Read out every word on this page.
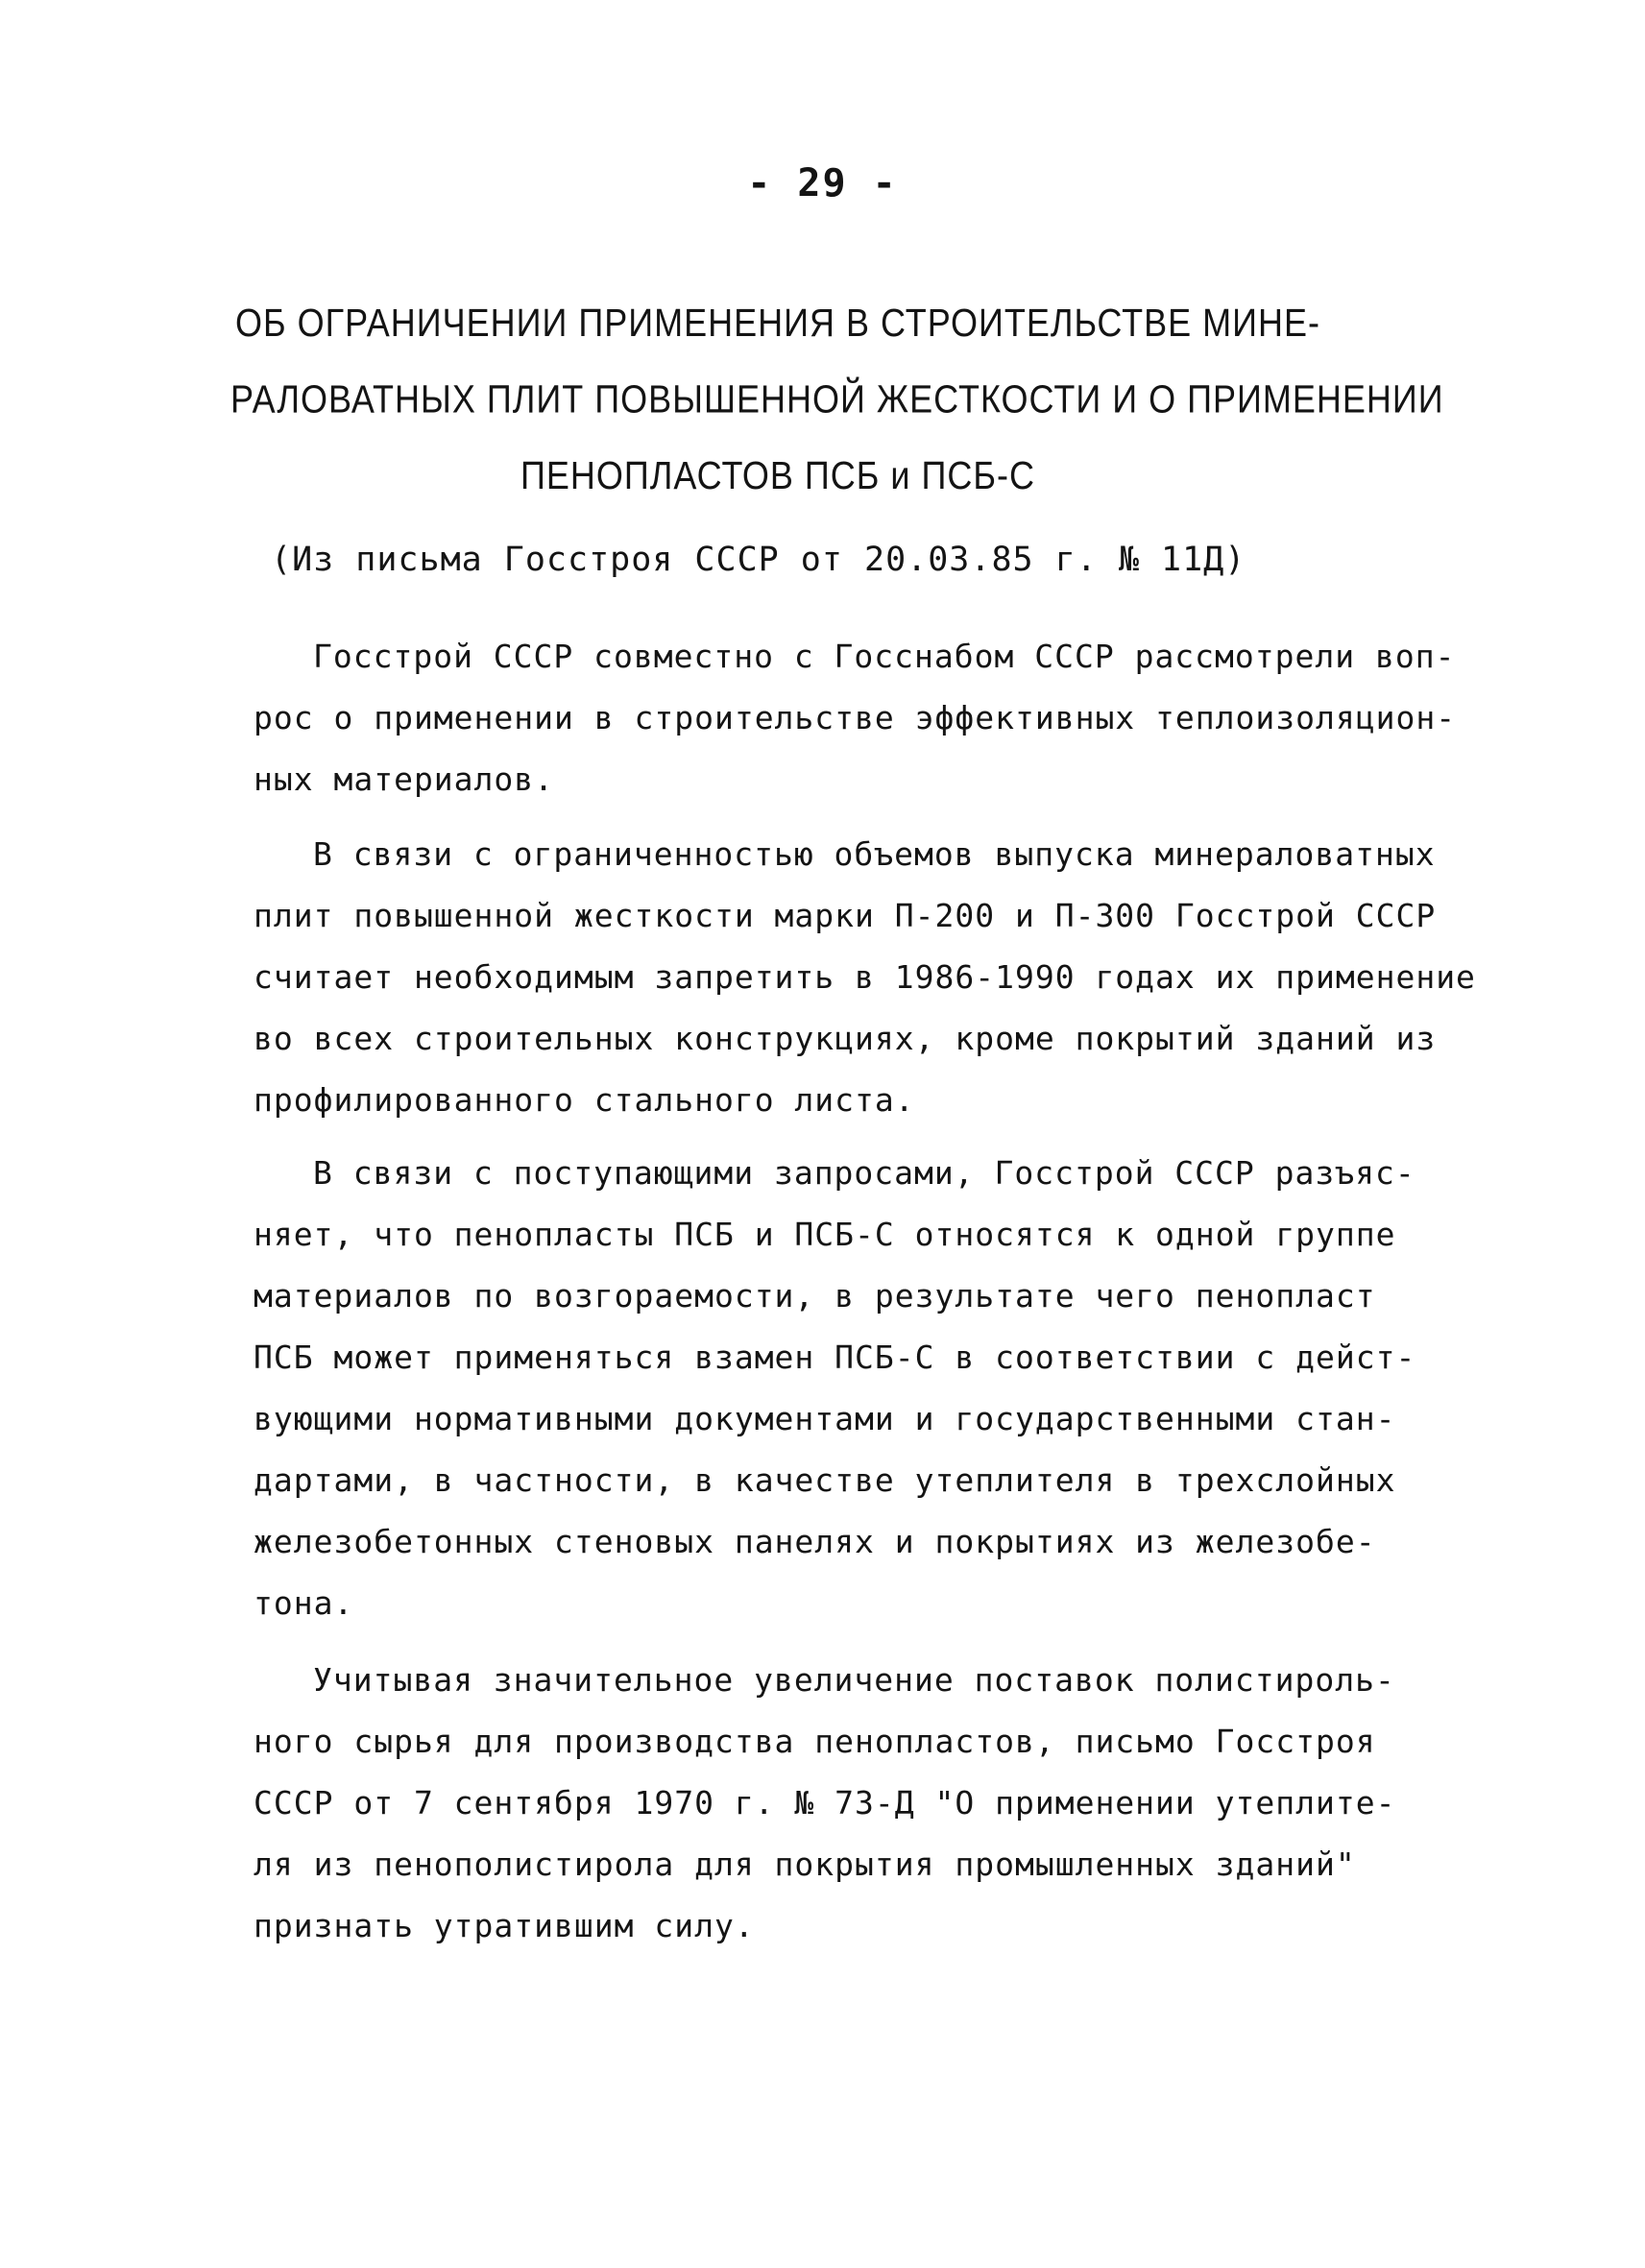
- 29 -
ОБ ОГРАНИЧЕНИИ ПРИМЕНЕНИЯ В СТРОИТЕЛЬСТВЕ МИНЕ-
РАЛОВАТНЫХ ПЛИТ ПОВЫШЕННОЙ ЖЕСТКОСТИ И О ПРИМЕНЕНИИ
ПЕНОПЛАСТОВ ПСБ и ПСБ-С
(Из письма Госстроя СССР от 20.03.85 г. № 11Д)
Госстрой СССР совместно с Госснабом СССР рассмотрели воп-
рос о применении в строительстве эффективных теплоизоляцион-
ных материалов.
В связи с ограниченностью объемов выпуска минераловатных
плит повышенной жесткости марки П-200 и П-300 Госстрой СССР
считает необходимым запретить в 1986-1990 годах их применение
во всех строительных конструкциях, кроме покрытий зданий из
профилированного стального листа.
В связи с поступающими запросами, Госстрой СССР разъяс-
няет, что пенопласты ПСБ и ПСБ-С относятся к одной группе
материалов по возгораемости, в результате чего пенопласт
ПСБ может применяться взамен ПСБ-С в соответствии с дейст-
вующими нормативными документами и государственными стан-
дартами, в частности, в качестве утеплителя в трехслойных
железобетонных стеновых панелях и покрытиях из железобе-
тона.
Учитывая значительное увеличение поставок полистироль-
ного сырья для производства пенопластов, письмо Госстроя
СССР от 7 сентября 1970 г. № 73-Д "О применении утеплите-
ля из пенополистирола для покрытия промышленных зданий"
признать утратившим силу.
